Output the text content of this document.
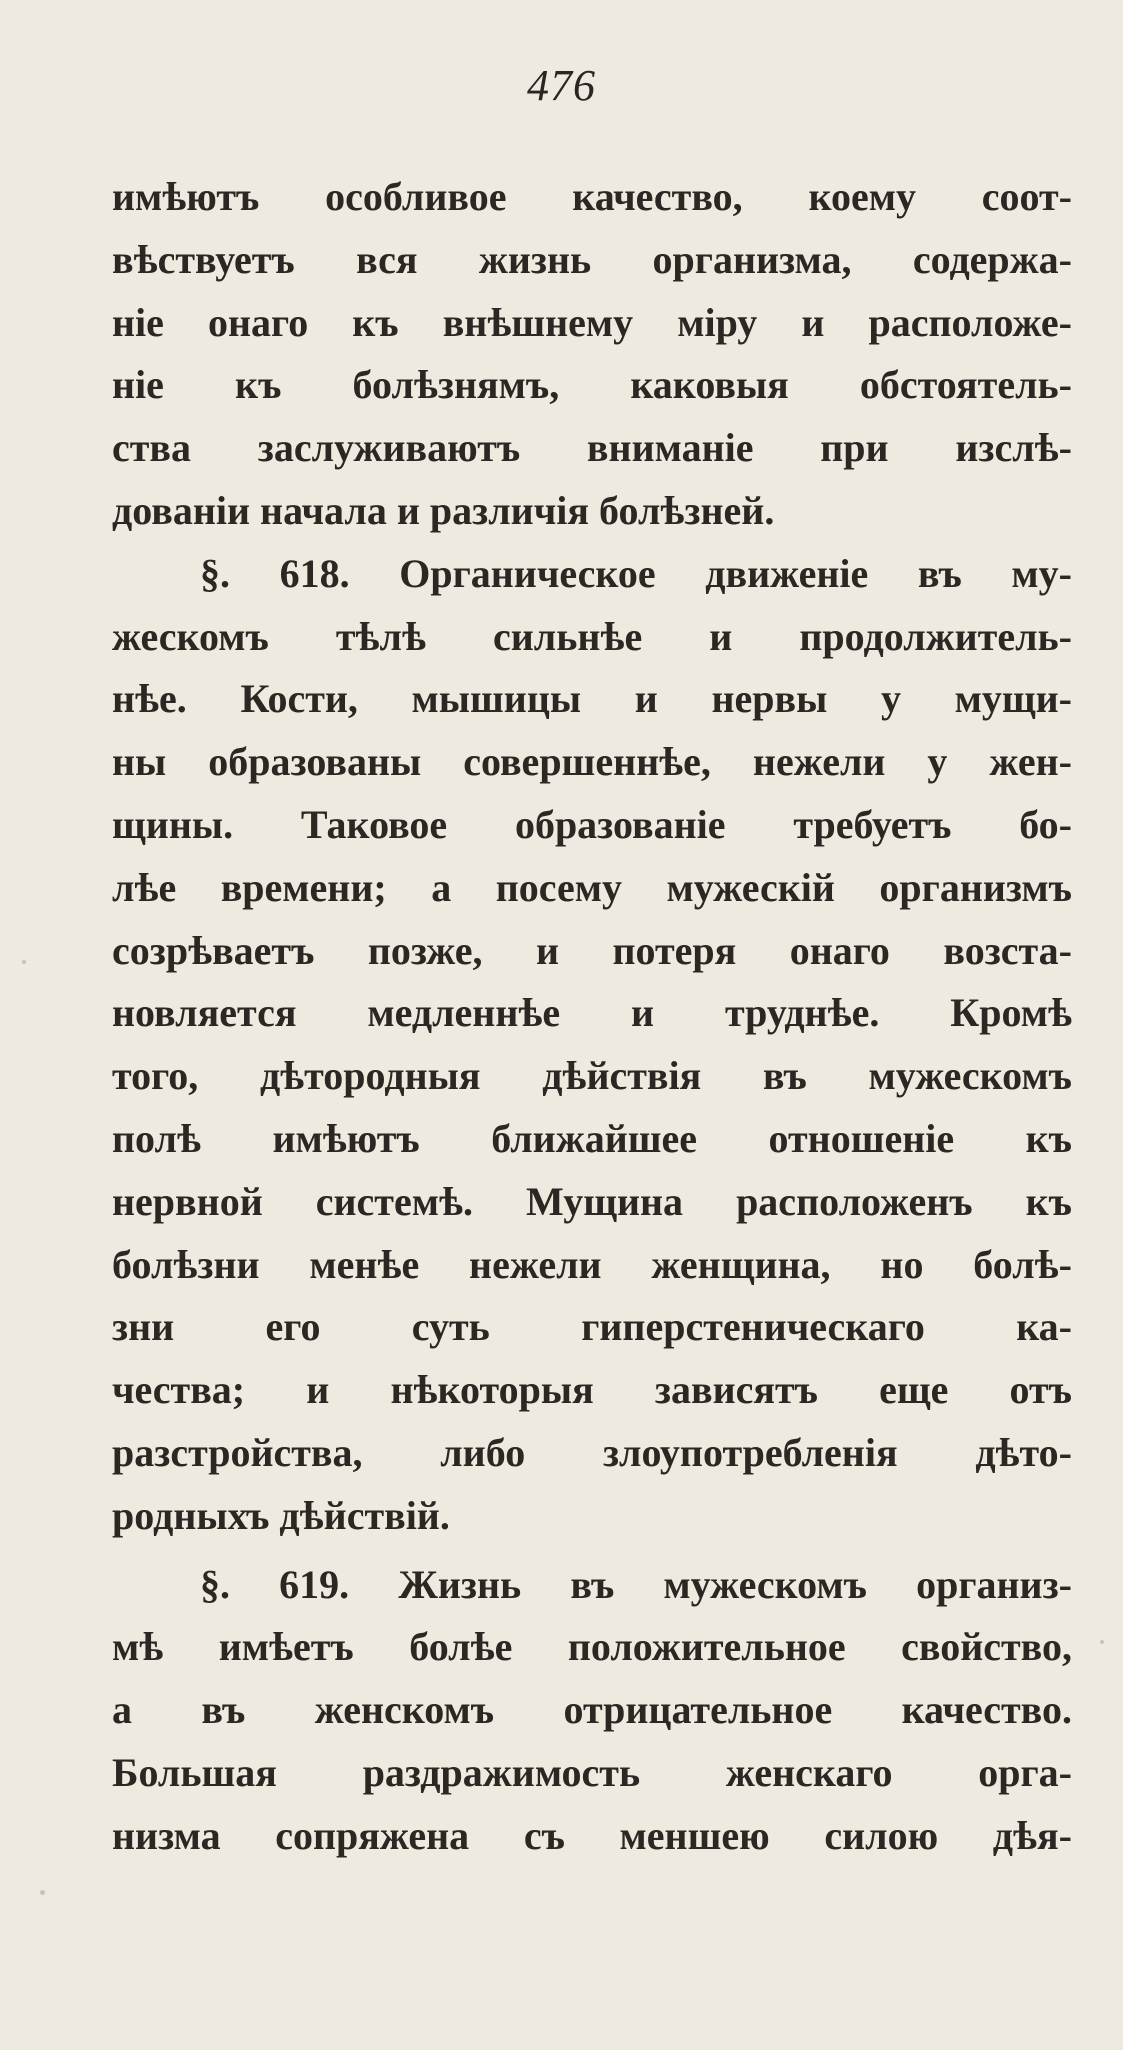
476
имѣютъ особливое качество, коему соот-
вѣствуетъ вся жизнь организма, содержа-
ніе онаго къ внѣшнему міру и расположе-
ніе къ болѣзнямъ, каковыя обстоятель-
ства заслуживаютъ вниманіе при изслѣ-
дованіи начала и различія болѣзней.
§. 618. Органическое движеніе въ му-
жескомъ тѣлѣ сильнѣе и продолжитель-
нѣе. Кости, мышицы и нервы у мущи-
ны образованы совершеннѣе, нежели у жен-
щины. Таковое образованіе требуетъ бо-
лѣе времени; а посему мужескій организмъ
созрѣваетъ позже, и потеря онаго возста-
новляется медленнѣе и труднѣе. Кромѣ
того, дѣтородныя дѣйствія въ мужескомъ
полѣ имѣютъ ближайшее отношеніе къ
нервной системѣ. Мущина расположенъ къ
болѣзни менѣе нежели женщина, но болѣ-
зни его суть гиперстеническаго ка-
чества; и нѣкоторыя зависятъ еще отъ
разстройства, либо злоупотребленія дѣто-
родныхъ дѣйствій.
§. 619. Жизнь въ мужескомъ организ-
мѣ имѣетъ болѣе положительное свойство,
а въ женскомъ отрицательное качество.
Большая раздражимость женскаго орга-
низма сопряжена съ меншею силою дѣя-
